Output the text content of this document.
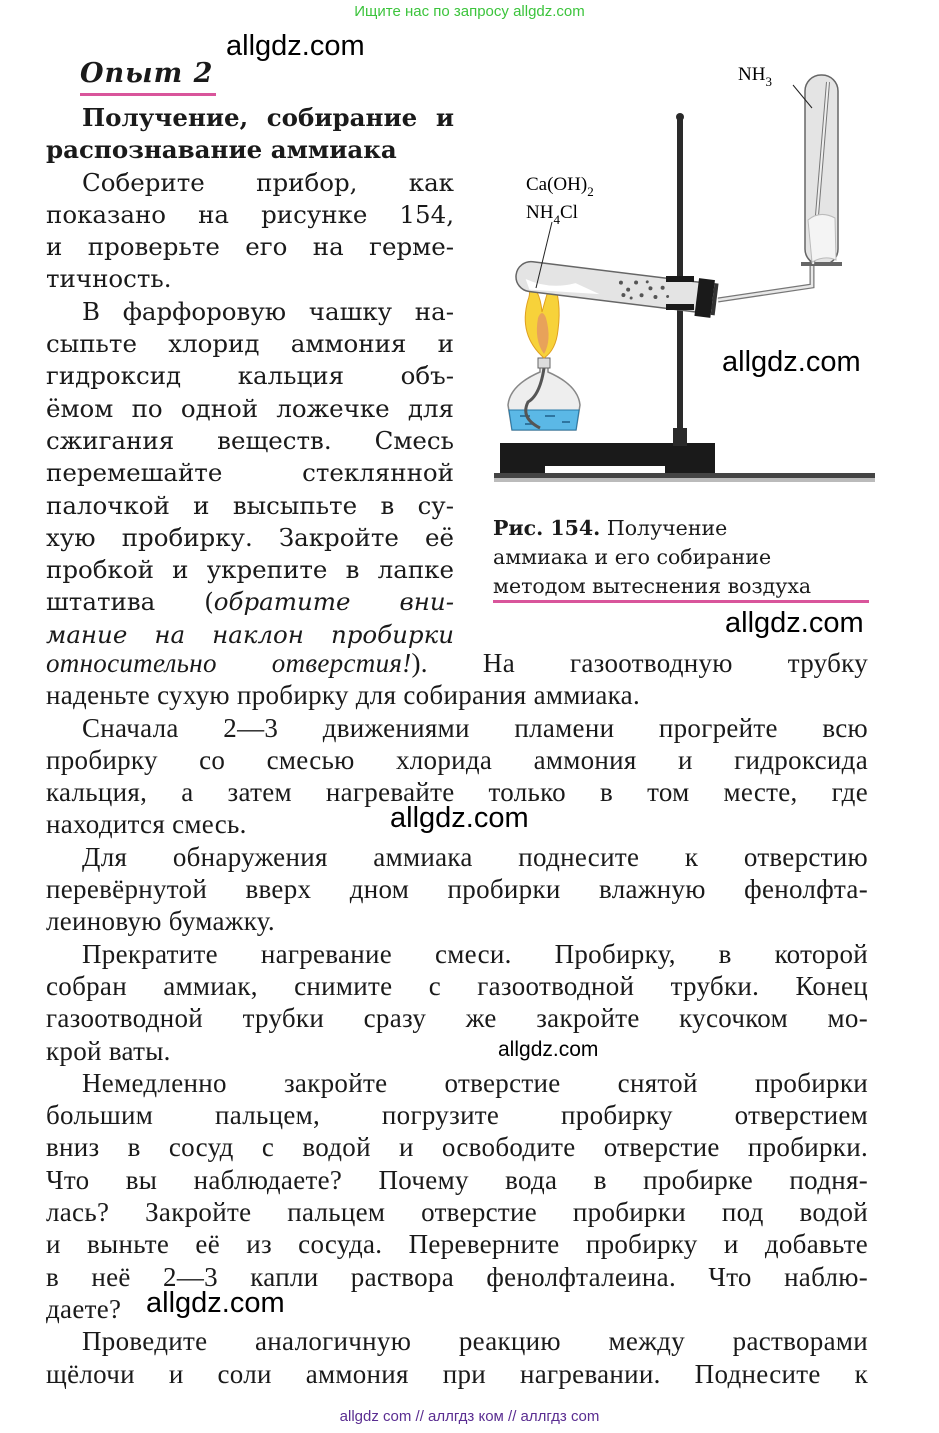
Ищите нас по запросу allgdz.com
allgdz.com
Опыт 2

Получение, собирание и
распознавание аммиака

Соберите прибор, как
показано на рисунке 154,
и проверьте его на герме-
тичность.

В фарфоровую чашку на-
сыпьте хлорид аммония и
гидроксид кальция объ-
ёмом по одной ложечке для
сжигания веществ. Смесь
перемешайте стеклянной
палочкой и высыпьте в су-
хую пробирку. Закройте её
пробкой и укрепите в лапке
штатива (обратите вни-
мание на наклон пробирки

относительно отверстия!). На газоотводную трубку
наденьте сухую пробирку для собирания аммиака.
Сначала 2—3 движениями пламени прогрейте всю
пробирку со смесью хлорида аммония и гидроксида
кальция, а затем нагревайте только в том месте, где
находится смесь.
Для обнаружения аммиака поднесите к отверстию
перевёрнутой вверх дном пробирки влажную фенолфта-
леиновую бумажку.
Прекратите нагревание смеси. Пробирку, в которой
собран аммиак, снимите с газоотводной трубки. Конец
газоотводной трубки сразу же закройте кусочком мо-
крой ваты.
Немедленно закройте отверстие снятой пробирки
большим пальцем, погрузите пробирку отверстием
вниз в сосуд с водой и освободите отверстие пробирки.
Что вы наблюдаете? Почему вода в пробирке подня-
лась? Закройте пальцем отверстие пробирки под водой
и выньте её из сосуда. Переверните пробирку и добавьте
в неё 2—3 капли раствора фенолфталеина. Что наблю-
даете?
Проведите аналогичную реакцию между растворами
щёлочи и соли аммония при нагревании. Поднесите к
$NH_3$
$Ca(OH)_2$
$NH_4Cl$
allgdz.com
Рис. 154. Получение
аммиака и его собирание
методом вытеснения воздуха
allgdz.com
allgdz.com
allgdz.com
allgdz.com
allgdz com // аллгдз ком // аллгдз com
